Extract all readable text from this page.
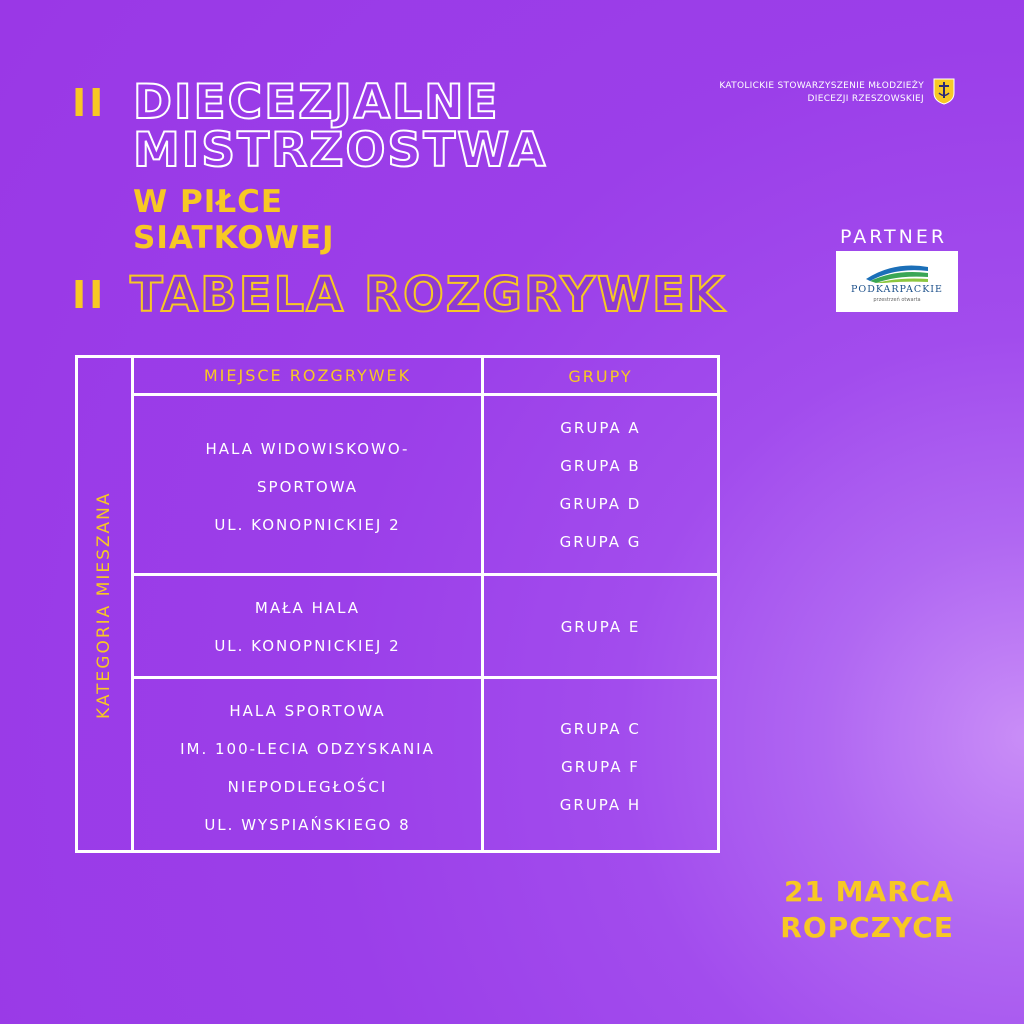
II
II
DIECEZJALNE
MISTRZOSTWA
W PIŁCE
SIATKOWEJ
TABELA ROZGRYWEK
KATOLICKIE STOWARZYSZENIE MŁODZIEŻY
DIECEZJI RZESZOWSKIEJ
PARTNER
PODKARPACKIE
przestrzeń otwarta
KATEGORIA MIESZANA
MIEJSCE ROZGRYWEK	GRUPY
HALA WIDOWISKOWO-
SPORTOWA
UL. KONOPNICKIEJ 2
GRUPA A
GRUPA B
GRUPA D
GRUPA G
MAŁA HALA
UL. KONOPNICKIEJ 2
GRUPA E
HALA SPORTOWA
IM. 100-LECIA ODZYSKANIA
NIEPODLEGŁOŚCI
UL. WYSPIAŃSKIEGO 8
GRUPA C
GRUPA F
GRUPA H
21 MARCA
ROPCZYCE
